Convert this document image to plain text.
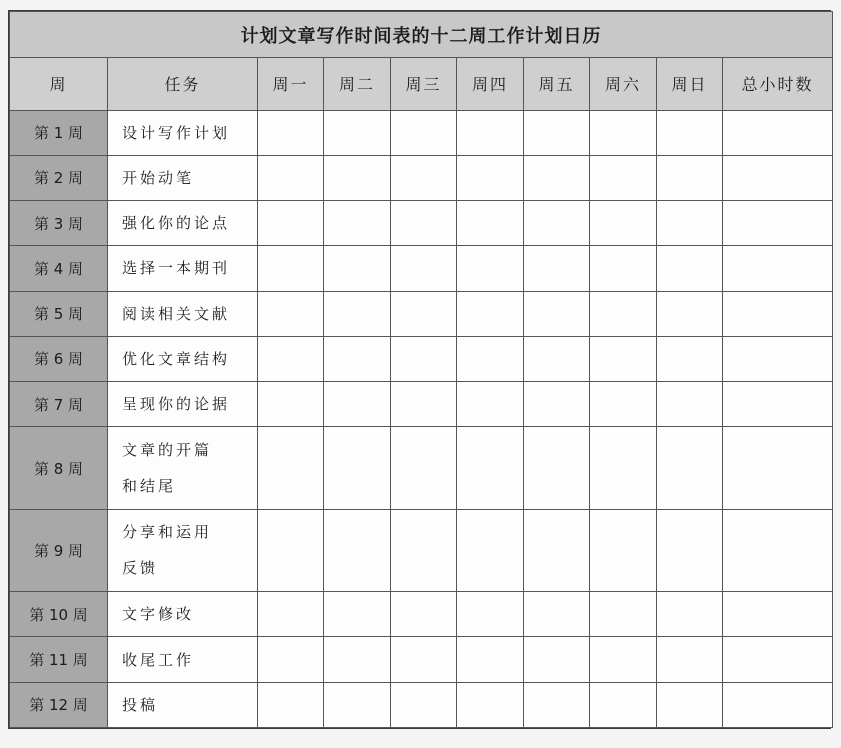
计划文章写作时间表的十二周工作计划日历									
周	任务	周一	周二	周三	周四	周五	周六	周日	总小时数
第 1 周	设计写作计划								
第 2 周	开始动笔								
第 3 周	强化你的论点								
第 4 周	选择一本期刊								
第 5 周	阅读相关文献								
第 6 周	优化文章结构								
第 7 周	呈现你的论据								
第 8 周	文章的开篇
和结尾								

第 9 周	分享和运用
反馈								

第 10 周	文字修改								
第 11 周	收尾工作								
第 12 周	投稿								
